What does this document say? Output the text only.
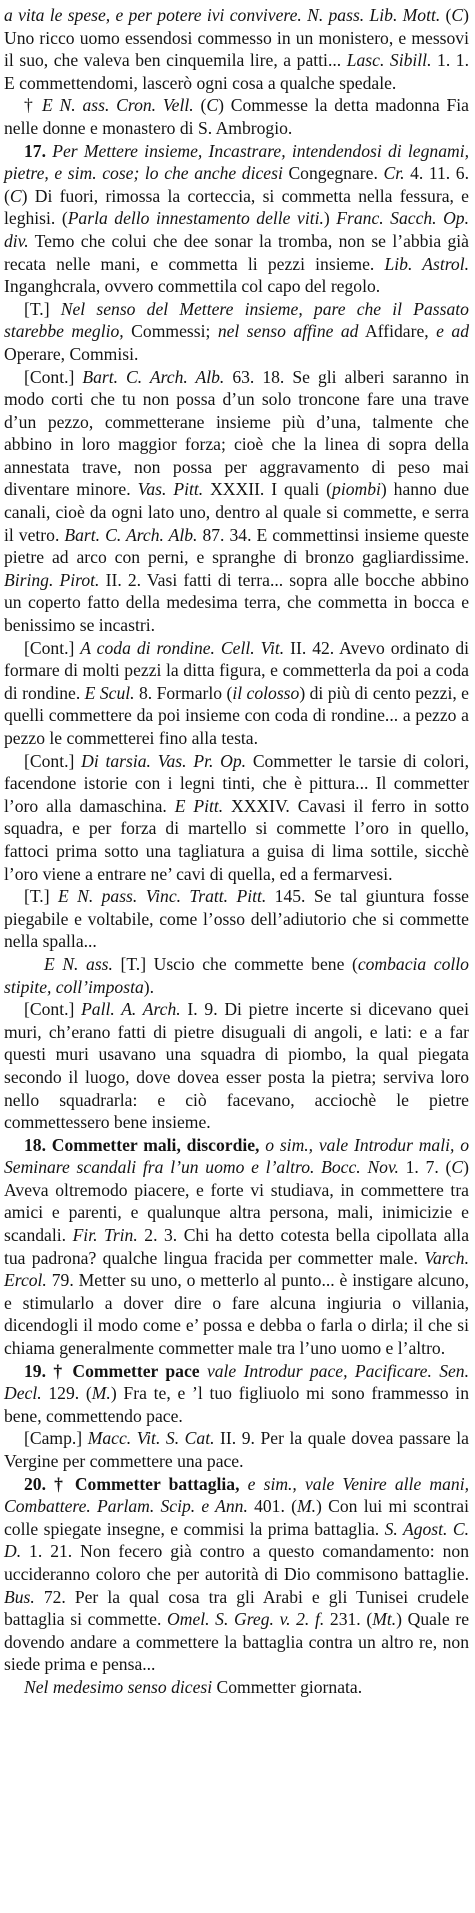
a vita le spese, e per potere ivi convivere. N. pass. Lib. Mott. (C) Uno ricco uomo essendosi commesso in un monistero, e messovi il suo, che valeva ben cinquemila lire, a patti... Lasc. Sibill. 1. 1. E commettendomi, lascerò ogni cosa a qualche spedale.
† E N. ass. Cron. Vell. (C) Commesse la detta madonna Fia nelle donne e monastero di S. Ambrogio.
17. Per Mettere insieme, Incastrare, intendendosi di legnami, pietre, e sim. cose; lo che anche dicesi Congegnare. Cr. 4. 11. 6. (C) Di fuori, rimossa la corteccia, si commetta nella fessura, e leghisi. (Parla dello innestamento delle viti.) Franc. Sacch. Op. div. Temo che colui che dee sonar la tromba, non se l’abbia già recata nelle mani, e commetta li pezzi insieme. Lib. Astrol. Inganghcrala, ovvero commettila col capo del regolo.
[T.] Nel senso del Mettere insieme, pare che il Passato starebbe meglio, Commessi; nel senso affine ad Affidare, e ad Operare, Commisi.
[Cont.] Bart. C. Arch. Alb. 63. 18. Se gli alberi saranno in modo corti che tu non possa d’un solo troncone fare una trave d’un pezzo, commetterane insieme più d’una, talmente che abbino in loro maggior forza; cioè che la linea di sopra della annestata trave, non possa per aggravamento di peso mai diventare minore. Vas. Pitt. XXXII. I quali (piombi) hanno due canali, cioè da ogni lato uno, dentro al quale si commette, e serra il vetro. Bart. C. Arch. Alb. 87. 34. E commettinsi insieme queste pietre ad arco con perni, e spranghe di bronzo gagliardissime. Biring. Pirot. II. 2. Vasi fatti di terra... sopra alle bocche abbino un coperto fatto della medesima terra, che commetta in bocca e benissimo se incastri.
[Cont.] A coda di rondine. Cell. Vit. II. 42. Avevo ordinato di formare di molti pezzi la ditta figura, e commetterla da poi a coda di rondine. E Scul. 8. Formarlo (il colosso) di più di cento pezzi, e quelli commettere da poi insieme con coda di rondine... a pezzo a pezzo le commetterei fino alla testa.
[Cont.] Di tarsia. Vas. Pr. Op. Commetter le tarsie di colori, facendone istorie con i legni tinti, che è pittura... Il commetter l’oro alla damaschina. E Pitt. XXXIV. Cavasi il ferro in sotto squadra, e per forza di martello si commette l’oro in quello, fattoci prima sotto una tagliatura a guisa di lima sottile, sicchè l’oro viene a entrare ne’ cavi di quella, ed a fermarvesi.
[T.] E N. pass. Vinc. Tratt. Pitt. 145. Se tal giuntura fosse piegabile e voltabile, come l’osso dell’adiutorio che si commette nella spalla...
E N. ass. [T.] Uscio che commette bene (combacia collo stipite, coll’imposta).
[Cont.] Pall. A. Arch. I. 9. Di pietre incerte si dicevano quei muri, ch’erano fatti di pietre disuguali di angoli, e lati: e a far questi muri usavano una squadra di piombo, la qual piegata secondo il luogo, dove dovea esser posta la pietra; serviva loro nello squadrarla: e ciò facevano, acciochè le pietre commettessero bene insieme.
18. Commetter mali, discordie, o sim., vale Introdur mali, o Seminare scandali fra l’un uomo e l’altro. Bocc. Nov. 1. 7. (C) Aveva oltremodo piacere, e forte vi studiava, in commettere tra amici e parenti, e qualunque altra persona, mali, inimicizie e scandali. Fir. Trin. 2. 3. Chi ha detto cotesta bella cipollata alla tua padrona? qualche lingua fracida per commetter male. Varch. Ercol. 79. Metter su uno, o metterlo al punto... è instigare alcuno, e stimularlo a dover dire o fare alcuna ingiuria o villania, dicendogli il modo come e’ possa e debba o farla o dirla; il che si chiama generalmente commetter male tra l’uno uomo e l’altro.
19. † Commetter pace vale Introdur pace, Pacificare. Sen. Decl. 129. (M.) Fra te, e ’l tuo figliuolo mi sono frammesso in bene, commettendo pace.
[Camp.] Macc. Vit. S. Cat. II. 9. Per la quale dovea passare la Vergine per commettere una pace.
20. † Commetter battaglia, e sim., vale Venire alle mani, Combattere. Parlam. Scip. e Ann. 401. (M.) Con lui mi scontrai colle spiegate insegne, e commisi la prima battaglia. S. Agost. C. D. 1. 21. Non fecero già contro a questo comandamento: non uccideranno coloro che per autorità di Dio commisono battaglie. Bus. 72. Per la qual cosa tra gli Arabi e gli Tunisei crudele battaglia si commette. Omel. S. Greg. v. 2. f. 231. (Mt.) Quale re dovendo andare a commettere la battaglia contra un altro re, non siede prima e pensa...
Nel medesimo senso dicesi Commetter giornata.
